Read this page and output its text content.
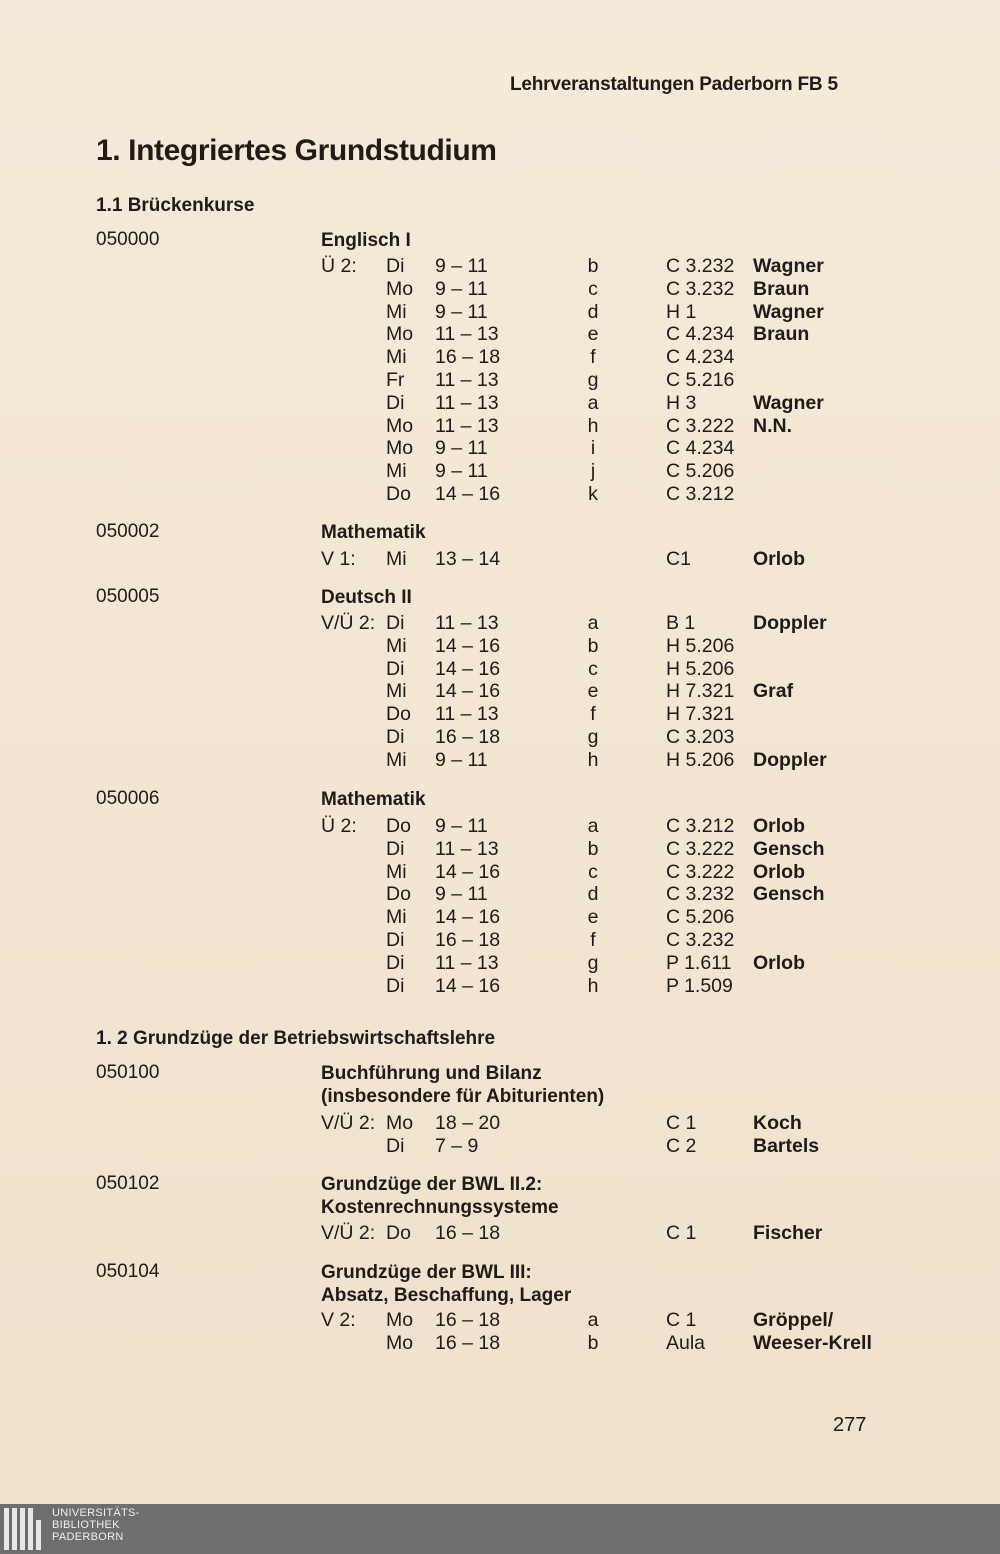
Lehrveranstaltungen Paderborn FB 5
1. Integriertes Grundstudium
1.1 Brückenkurse
050000	Englisch I
Ü 2: Di 9 – 11	b	C 3.232 Wagner
Mo 9 – 11	c	C 3.232 Braun
Mi 9 – 11	d	H 1	Wagner
Mo 11 – 13	e	C 4.234 Braun
Mi 16 – 18	f	C 4.234
Fr 11 – 13	g	C 5.216
Di 11 – 13	a	H 3	Wagner
Mo 11 – 13	h	C 3.222 N.N.
Mo 9 – 11	i	C 4.234
Mi 9 – 11	j	C 5.206
Do 14 – 16	k	C 3.212
050002	Mathematik
V 1: Mi 13 – 14	C1	Orlob
050005	Deutsch II
V/Ü 2: Di 11 – 13	a	B 1	Doppler
Mi 14 – 16	b	H 5.206
Di 14 – 16	c	H 5.206
Mi 14 – 16	e	H 7.321 Graf
Do 11 – 13	f	H 7.321
Di 16 – 18	g	C 3.203
Mi 9 – 11	h	H 5.206 Doppler
050006	Mathematik
Ü 2: Do 9 – 11	a	C 3.212 Orlob
Di 11 – 13	b	C 3.222 Gensch
Mi 14 – 16	c	C 3.222 Orlob
Do 9 – 11	d	C 3.232 Gensch
Mi 14 – 16	e	C 5.206
Di 16 – 18	f	C 3.232
Di 11 – 13	g	P 1.611 Orlob
Di 14 – 16	h	P 1.509
1. 2 Grundzüge der Betriebswirtschaftslehre
050100	Buchführung und Bilanz
(insbesondere für Abiturienten)
V/Ü 2: Mo 18 – 20	C 1	Koch
Di 7 – 9	C 2	Bartels
050102	Grundzüge der BWL II.2:
Kostenrechnungssysteme
V/Ü 2: Do 16 – 18	C 1	Fischer
050104	Grundzüge der BWL III:
Absatz, Beschaffung, Lager
V 2: Mo 16 – 18	a	C 1	Gröppel/
Mo 16 – 18	b	Aula Weeser-Krell
277
UNIVERSITÄTS-
BIBLIOTHEK
PADERBORN
